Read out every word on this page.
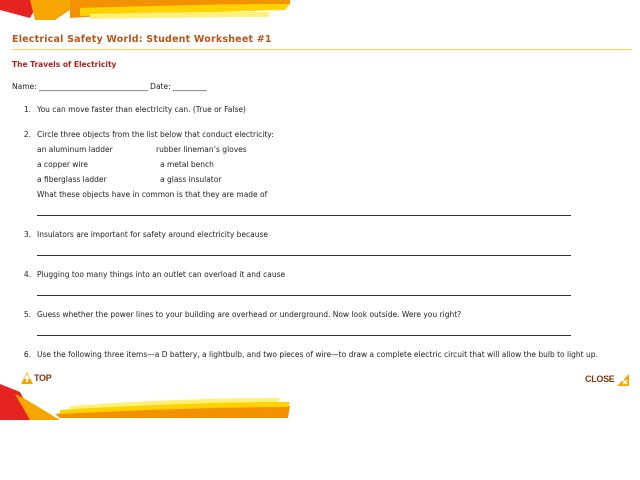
Electrical Safety World: Student Worksheet #1
The Travels of Electricity
Name: _____________________________ Date: _________
1. You can move faster than electricity can. (True or False)
2. Circle three objects from the list below that conduct electricity:
an aluminum ladder	rubber lineman’s gloves
a copper wire	a metal bench
a fiberglass ladder	a glass insulator
What these objects have in common is that they are made of
3. Insulators are important for safety around electricity because
4. Plugging too many things into an outlet can overload it and cause
5. Guess whether the power lines to your building are overhead or underground. Now look outside. Were you right?
6. Use the following three items—a D battery, a lightbulb, and two pieces of wire—to draw a complete electric circuit that will allow the bulb to light up.
TOP	CLOSE
